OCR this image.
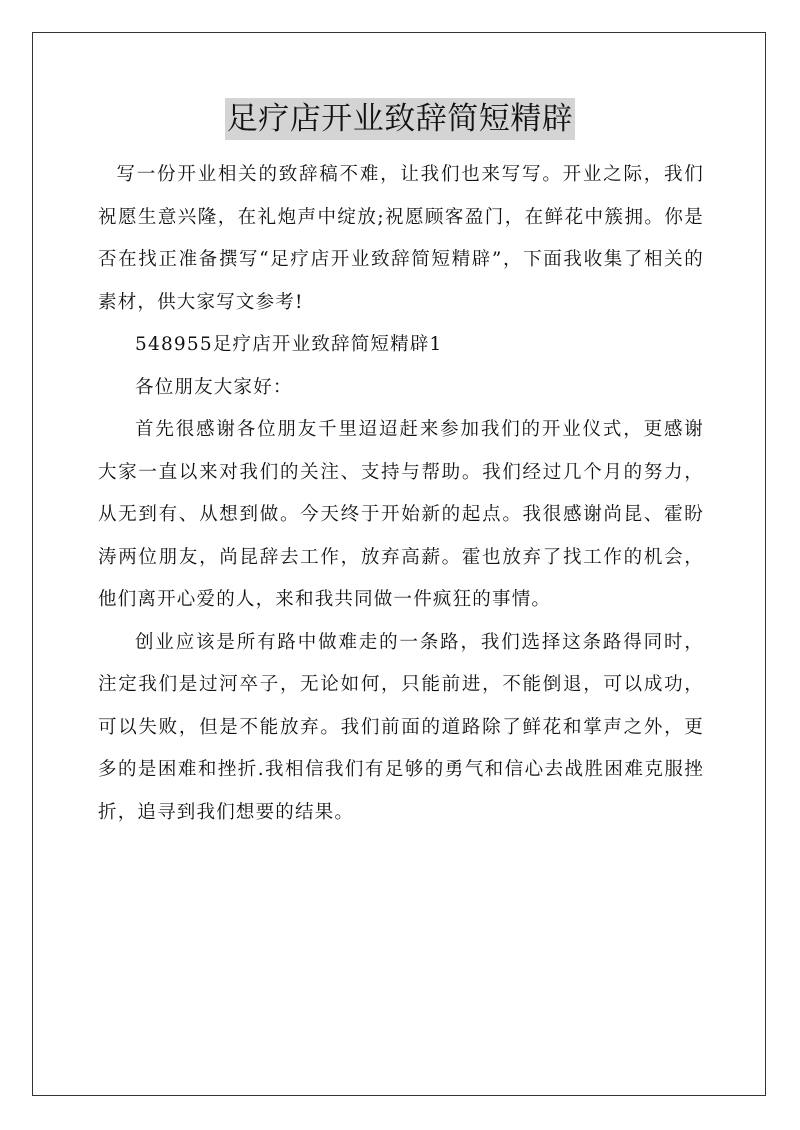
足疗店开业致辞简短精辟

写一份开业相关的致辞稿不难，让我们也来写写。开业之际，我们祝愿生意兴隆，在礼炮声中绽放;祝愿顾客盈门，在鲜花中簇拥。你是否在找正准备撰写“足疗店开业致辞简短精辟”，下面我收集了相关的素材，供大家写文参考!

548955足疗店开业致辞简短精辟1

各位朋友大家好：

首先很感谢各位朋友千里迢迢赶来参加我们的开业仪式，更感谢大家一直以来对我们的关注、支持与帮助。我们经过几个月的努力，从无到有、从想到做。今天终于开始新的起点。我很感谢尚昆、霍盼涛两位朋友，尚昆辞去工作，放弃高薪。霍也放弃了找工作的机会，他们离开心爱的人，来和我共同做一件疯狂的事情。

创业应该是所有路中做难走的一条路，我们选择这条路得同时，注定我们是过河卒子，无论如何，只能前进，不能倒退，可以成功，可以失败，但是不能放弃。我们前面的道路除了鲜花和掌声之外，更多的是困难和挫折.我相信我们有足够的勇气和信心去战胜困难克服挫折，追寻到我们想要的结果。
